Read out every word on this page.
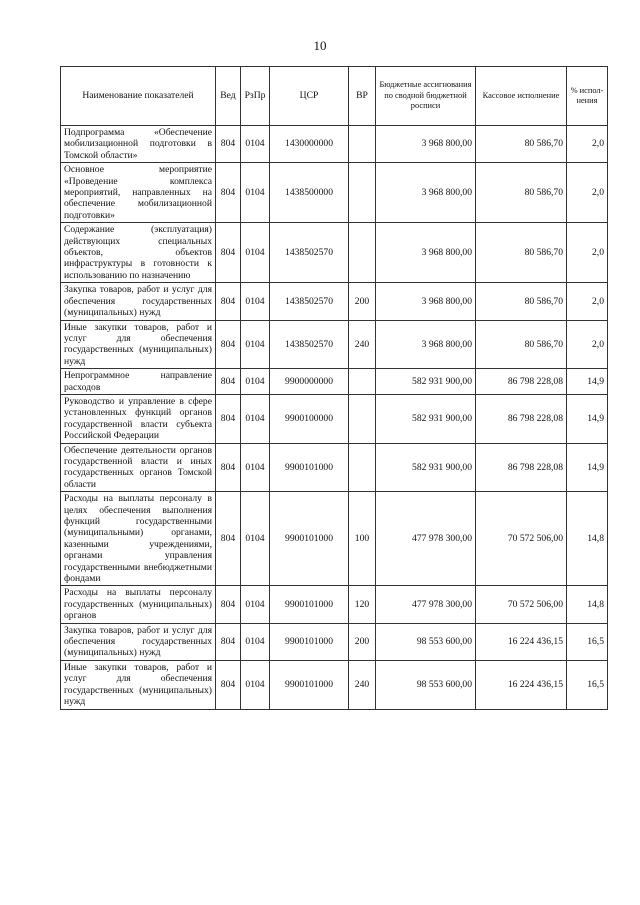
10
Наименование показателей	Вед	РзПр	ЦСР	ВР	Бюджетные ассигнования по сводной бюджетной росписи	Кассовое исполнение	% испол-нения
Подпрограмма «Обеспечение мобилизационной подготовки в Томской области»	804	0104	1430000000		3 968 800,00	80 586,70	2,0
Основное мероприятие «Проведение комплекса мероприятий, направленных на обеспечение мобилизационной подготовки»	804	0104	1438500000		3 968 800,00	80 586,70	2,0
Содержание (эксплуатация) действующих специальных объектов, объектов инфраструктуры в готовности к использованию по назначению	804	0104	1438502570		3 968 800,00	80 586,70	2,0
Закупка товаров, работ и услуг для обеспечения государственных (муниципальных) нужд	804	0104	1438502570	200	3 968 800,00	80 586,70	2,0
Иные закупки товаров, работ и услуг для обеспечения государственных (муниципальных) нужд	804	0104	1438502570	240	3 968 800,00	80 586,70	2,0
Непрограммное направление расходов	804	0104	9900000000		582 931 900,00	86 798 228,08	14,9
Руководство и управление в сфере установленных функций органов государственной власти субъекта Российской Федерации	804	0104	9900100000		582 931 900,00	86 798 228,08	14,9
Обеспечение деятельности органов государственной власти и иных государственных органов Томской области	804	0104	9900101000		582 931 900,00	86 798 228,08	14,9
Расходы на выплаты персоналу в целях обеспечения выполнения функций государственными (муниципальными) органами, казенными учреждениями, органами управления государственными внебюджетными фондами	804	0104	9900101000	100	477 978 300,00	70 572 506,00	14,8
Расходы на выплаты персоналу государственных (муниципальных) органов	804	0104	9900101000	120	477 978 300,00	70 572 506,00	14,8
Закупка товаров, работ и услуг для обеспечения государственных (муниципальных) нужд	804	0104	9900101000	200	98 553 600,00	16 224 436,15	16,5
Иные закупки товаров, работ и услуг для обеспечения государственных (муниципальных) нужд	804	0104	9900101000	240	98 553 600,00	16 224 436,15	16,5
